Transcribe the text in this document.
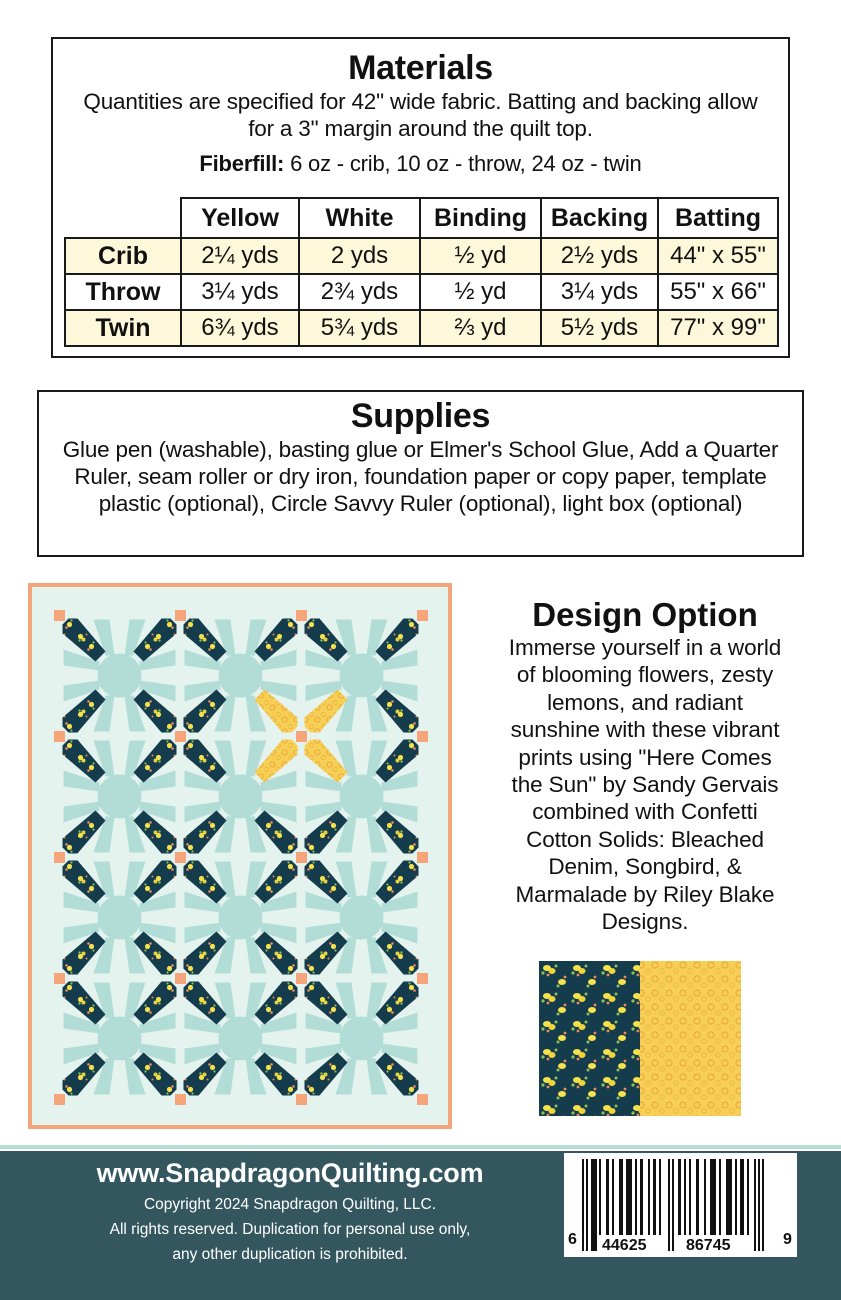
Materials

Quantities are specified for 42" wide fabric. Batting and backing allow for a 3" margin around the quilt top.

Fiberfill: 6 oz - crib, 10 oz - throw, 24 oz - twin
	Yellow	White	Binding	Backing	Batting
Crib	2¼ yds	2 yds	½ yd	2½ yds	44" x 55"
Throw	3¼ yds	2¾ yds	½ yd	3¼ yds	55" x 66"
Twin	6¾ yds	5¾ yds	⅔ yd	5½ yds	77" x 99"
Supplies

Glue pen (washable), basting glue or Elmer's School Glue, Add a Quarter Ruler, seam roller or dry iron, foundation paper or copy paper, template plastic (optional), Circle Savvy Ruler (optional), light box (optional)

Design Option

Immerse yourself in a world

of blooming flowers, zesty

lemons, and radiant

sunshine with these vibrant

prints using "Here Comes

the Sun" by Sandy Gervais

combined with Confetti

Cotton Solids: Bleached

Denim, Songbird, &

Marmalade by Riley Blake

Designs.

www.SnapdragonQuilting.com
Copyright 2024 Snapdragon Quilting, LLC.
All rights reserved. Duplication for personal use only,
any other duplication is prohibited.
6 44625 86745	9
